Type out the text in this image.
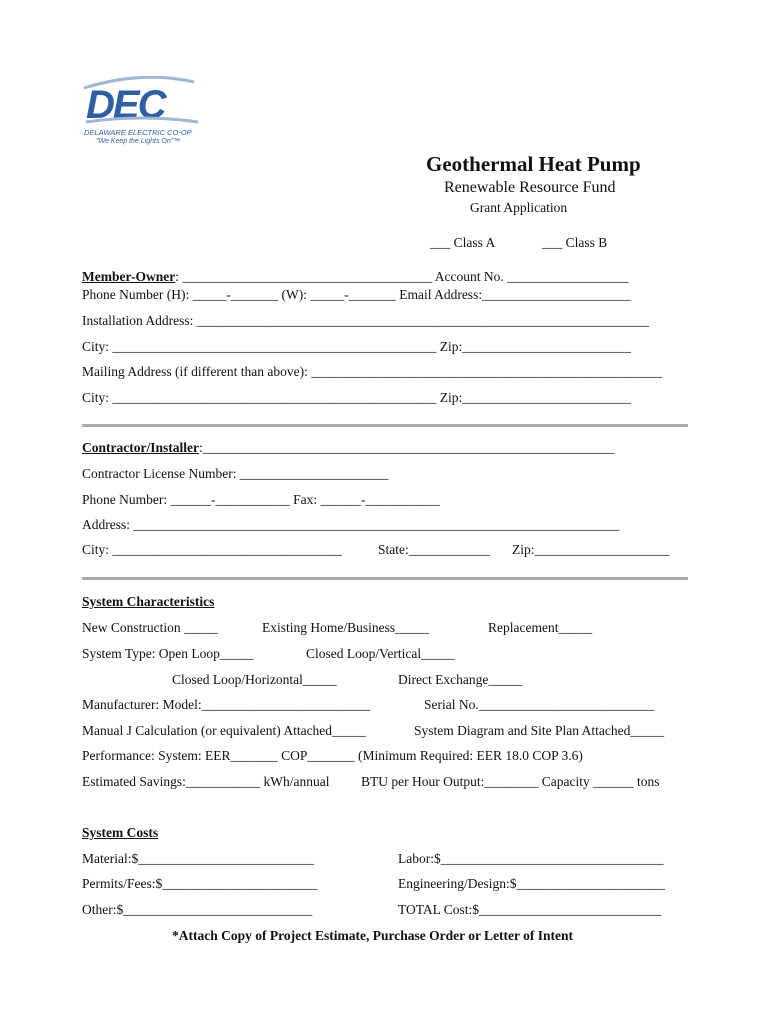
DEC
DELAWARE ELECTRIC CO-OP
"We Keep the Lights On"™
Geothermal Heat Pump
Renewable Resource Fund
Grant Application
___ Class A	___ Class B
Member-Owner: _____________________________________ Account No. __________________
Phone Number (H): _____-_______ (W): _____-_______ Email Address:______________________
Installation Address: ___________________________________________________________________
City: ________________________________________________ Zip:_________________________
Mailing Address (if different than above): ____________________________________________________
City: ________________________________________________ Zip:_________________________
Contractor/Installer:_____________________________________________________________
Contractor License Number: ______________________
Phone Number: ______-___________ Fax: ______-___________
Address: ________________________________________________________________________
City: __________________________________	State:____________ Zip:____________________
System Characteristics
New Construction _____	Existing Home/Business_____	Replacement_____
System Type: Open Loop_____	Closed Loop/Vertical_____
Closed Loop/Horizontal_____	Direct Exchange_____
Manufacturer: Model:_________________________	Serial No.__________________________
Manual J Calculation (or equivalent) Attached_____	System Diagram and Site Plan Attached_____
Performance: System: EER_______ COP_______ (Minimum Required: EER 18.0 COP 3.6)
Estimated Savings:___________ kWh/annual BTU per Hour Output:________ Capacity ______ tons
System Costs
Material:$__________________________	Labor:$_________________________________
Permits/Fees:$_______________________	Engineering/Design:$______________________
Other:$____________________________	TOTAL Cost:$___________________________
*Attach Copy of Project Estimate, Purchase Order or Letter of Intent
